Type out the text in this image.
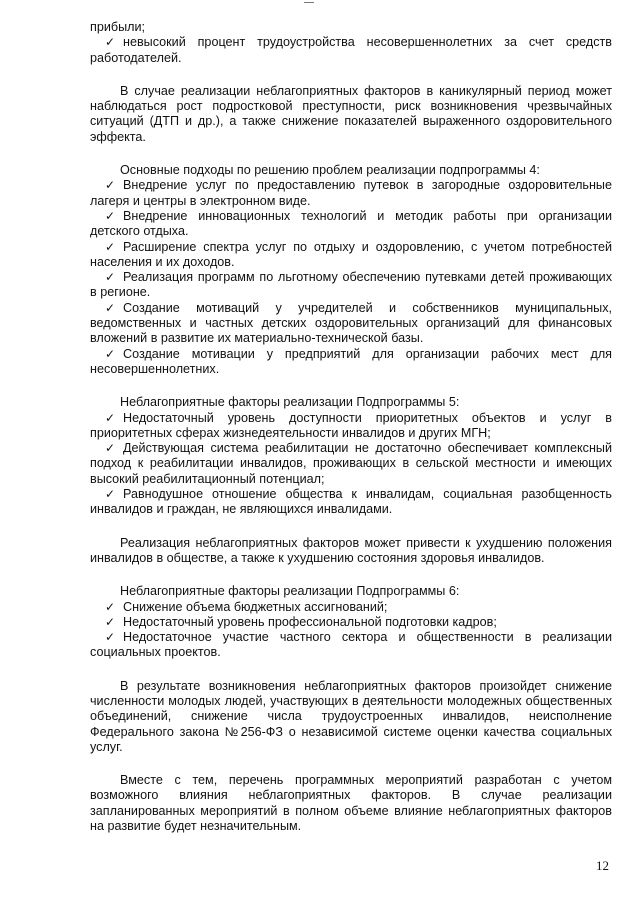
прибыли;

✓ невысокий процент трудоустройства несовершеннолетних за счет средств работодателей.

В случае реализации неблагоприятных факторов в каникулярный период может наблюдаться рост подростковой преступности, риск возникновения чрезвычайных ситуаций (ДТП и др.), а также снижение показателей выраженного оздоровительного эффекта.

Основные подходы по решению проблем реализации подпрограммы 4:

✓ Внедрение услуг по предоставлению путевок в загородные оздоровительные лагеря и центры в электронном виде.

✓ Внедрение инновационных технологий и методик работы при организации детского отдыха.

✓ Расширение спектра услуг по отдыху и оздоровлению, с учетом потребностей населения и их доходов.

✓ Реализация программ по льготному обеспечению путевками детей проживающих в регионе.

✓ Создание мотиваций у учредителей и собственников муниципальных, ведомственных и частных детских оздоровительных организаций для финансовых вложений в развитие их материально-технической базы.

✓ Создание мотивации у предприятий для организации рабочих мест для несовершеннолетних.

Неблагоприятные факторы реализации Подпрограммы 5:

✓ Недостаточный уровень доступности приоритетных объектов и услуг в приоритетных сферах жизнедеятельности инвалидов и других МГН;

✓ Действующая система реабилитации не достаточно обеспечивает комплексный подход к реабилитации инвалидов, проживающих в сельской местности и имеющих высокий реабилитационный потенциал;

✓ Равнодушное отношение общества к инвалидам, социальная разобщенность инвалидов и граждан, не являющихся инвалидами.

Реализация неблагоприятных факторов может привести к ухудшению положения инвалидов в обществе, а также к ухудшению состояния здоровья инвалидов.

Неблагоприятные факторы реализации Подпрограммы 6:

✓ Снижение объема бюджетных ассигнований;

✓ Недостаточный уровень профессиональной подготовки кадров;

✓ Недостаточное участие частного сектора и общественности в реализации социальных проектов.

В результате возникновения неблагоприятных факторов произойдет снижение численности молодых людей, участвующих в деятельности молодежных общественных объединений, снижение числа трудоустроенных инвалидов, неисполнение Федерального закона №256-ФЗ о независимой системе оценки качества социальных услуг.

Вместе с тем, перечень программных мероприятий разработан с учетом возможного влияния неблагоприятных факторов. В случае реализации запланированных мероприятий в полном объеме влияние неблагоприятных факторов на развитие будет незначительным.

12
